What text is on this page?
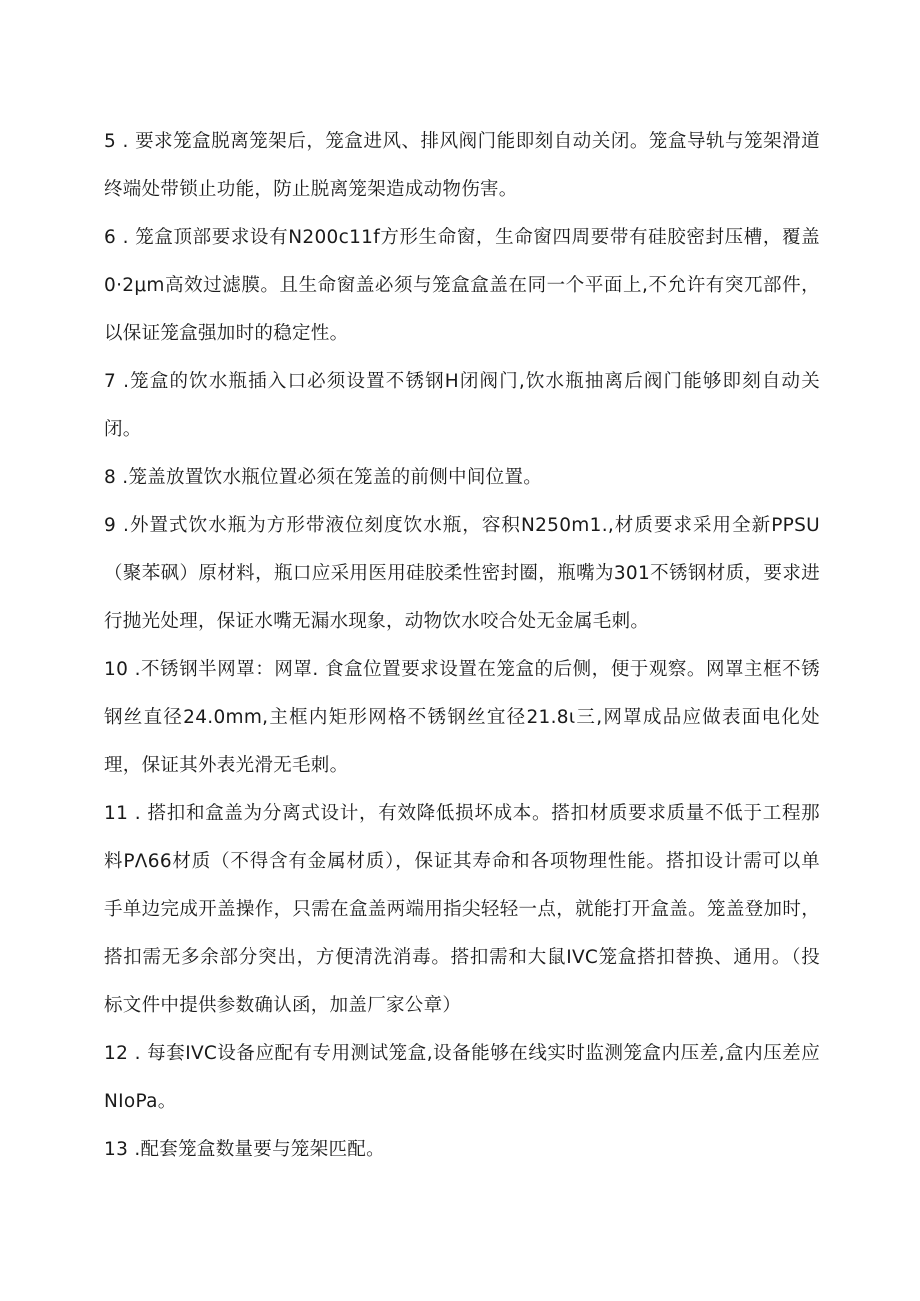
5 . 要求笼盒脱离笼架后，笼盒进风、排风阀门能即刻自动关闭。笼盒导轨与笼架滑道终端处带锁止功能，防止脱离笼架造成动物伤害。

6 . 笼盒顶部要求设有N200c11f方形生命窗，生命窗四周要带有硅胶密封压槽，覆盖0·2μm高效过滤膜。且生命窗盖必须与笼盒盒盖在同一个平面上,不允许有突兀部件，以保证笼盒强加时的稳定性。

7 .笼盒的饮水瓶插入口必须设置不锈钢H闭阀门,饮水瓶抽离后阀门能够即刻自动关闭。

8 .笼盖放置饮水瓶位置必须在笼盖的前侧中间位置。

9 .外置式饮水瓶为方形带液位刻度饮水瓶，容积N250m1.,材质要求采用全新PPSU（聚苯砜）原材料，瓶口应采用医用硅胶柔性密封圈，瓶嘴为301不锈钢材质，要求进行抛光处理，保证水嘴无漏水现象，动物饮水咬合处无金属毛刺。

10 .不锈钢半网罩：网罩. 食盒位置要求设置在笼盒的后侧，便于观察。网罩主框不锈钢丝直径24.0mm,主框内矩形网格不锈钢丝宜径21.8ι三,网罩成品应做表面电化处理，保证其外表光滑无毛刺。

11 . 搭扣和盒盖为分离式设计，有效降低损坏成本。搭扣材质要求质量不低于工程那料PΛ66材质（不得含有金属材质），保证其寿命和各项物理性能。搭扣设计需可以单手单边完成开盖操作，只需在盒盖两端用指尖轻轻一点，就能打开盒盖。笼盖登加时，搭扣需无多余部分突出，方便清洗消毒。搭扣需和大鼠IVC笼盒搭扣替换、通用。（投标文件中提供参数确认函，加盖厂家公章）

12 . 每套IVC设备应配有专用测试笼盒,设备能够在线实时监测笼盒内压差,盒内压差应NIoPa。

13 .配套笼盒数量要与笼架匹配。
